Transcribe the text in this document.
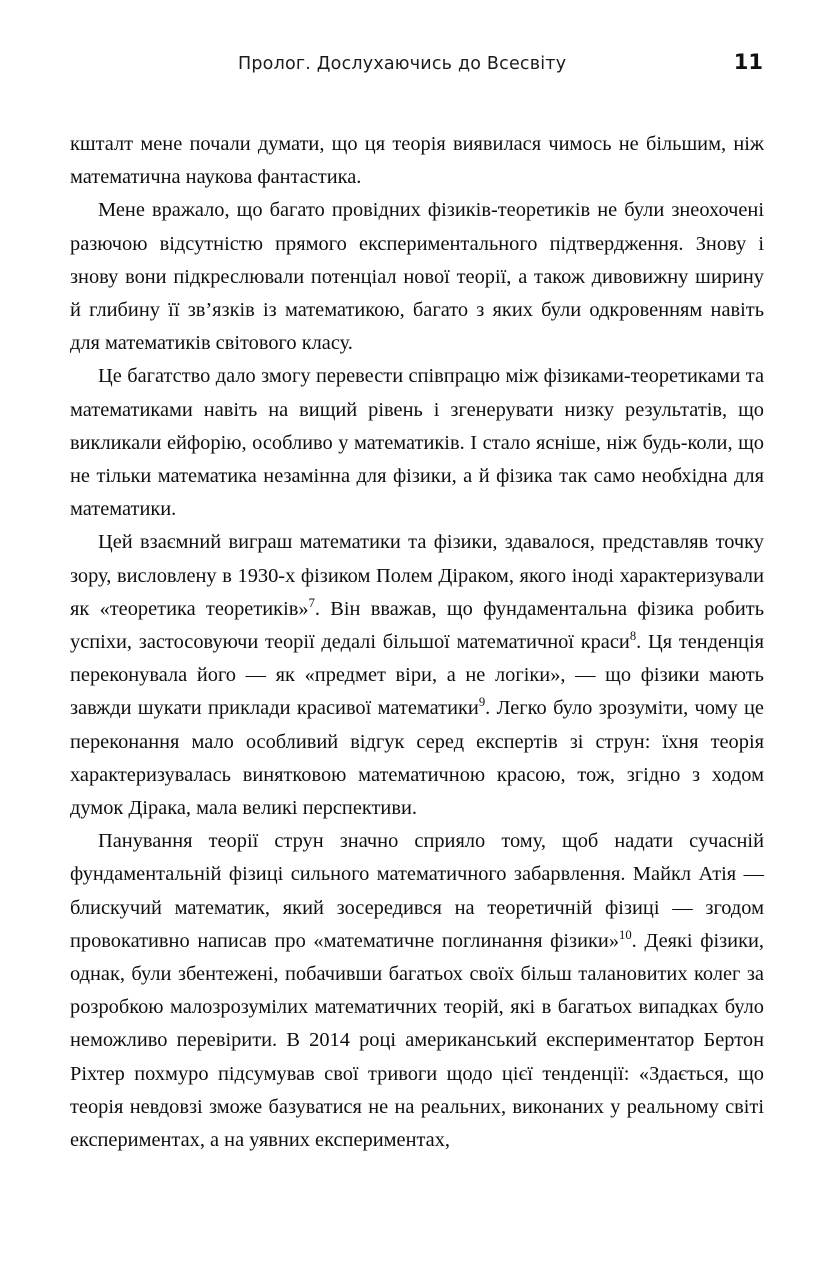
Пролог. Дослухаючись до Всесвіту	11

кшталт мене почали думати, що ця теорія виявилася чимось не більшим, ніж математична наукова фантастика.

Мене вражало, що багато провідних фізиків-теоретиків не були знеохочені разючою відсутністю прямого експериментального підтвердження. Знову і знову вони підкреслювали потенціал нової теорії, а також дивовижну ширину й глибину її зв’язків із математикою, багато з яких були одкровенням навіть для математиків світового класу.

Це багатство дало змогу перевести співпрацю між фізиками-теоретиками та математиками навіть на вищий рівень і згенерувати низку результатів, що викликали ейфорію, особливо у математиків. І стало ясніше, ніж будь-коли, що не тільки математика незамінна для фізики, а й фізика так само необхідна для математики.

Цей взаємний виграш математики та фізики, здавалося, представляв точку зору, висловлену в 1930-х фізиком Полем Діраком, якого іноді характеризували як «теоретика теоретиків»$^7$. Він вважав, що фундаментальна фізика робить успіхи, застосовуючи теорії дедалі більшої математичної краси$^8$. Ця тенденція переконувала його — як «предмет віри, а не логіки», — що фізики мають завжди шукати приклади красивої математики$^9$. Легко було зрозуміти, чому це переконання мало особливий відгук серед експертів зі струн: їхня теорія характеризувалась винятковою математичною красою, тож, згідно з ходом думок Дірака, мала великі перспективи.

Панування теорії струн значно сприяло тому, щоб надати сучасній фундаментальній фізиці сильного математичного забарвлення. Майкл Атія — блискучий математик, який зосередився на теоретичній фізиці — згодом провокативно написав про «математичне поглинання фізики»$^{10}$. Деякі фізики, однак, були збентежені, побачивши багатьох своїх більш талановитих колег за розробкою малозрозумілих математичних теорій, які в багатьох випадках було неможливо перевірити. В 2014 році американський експериментатор Бертон Ріхтер похмуро підсумував свої тривоги щодо цієї тенденції: «Здається, що теорія невдовзі зможе базуватися не на реальних, виконаних у реальному світі експериментах, а на уявних експериментах,
